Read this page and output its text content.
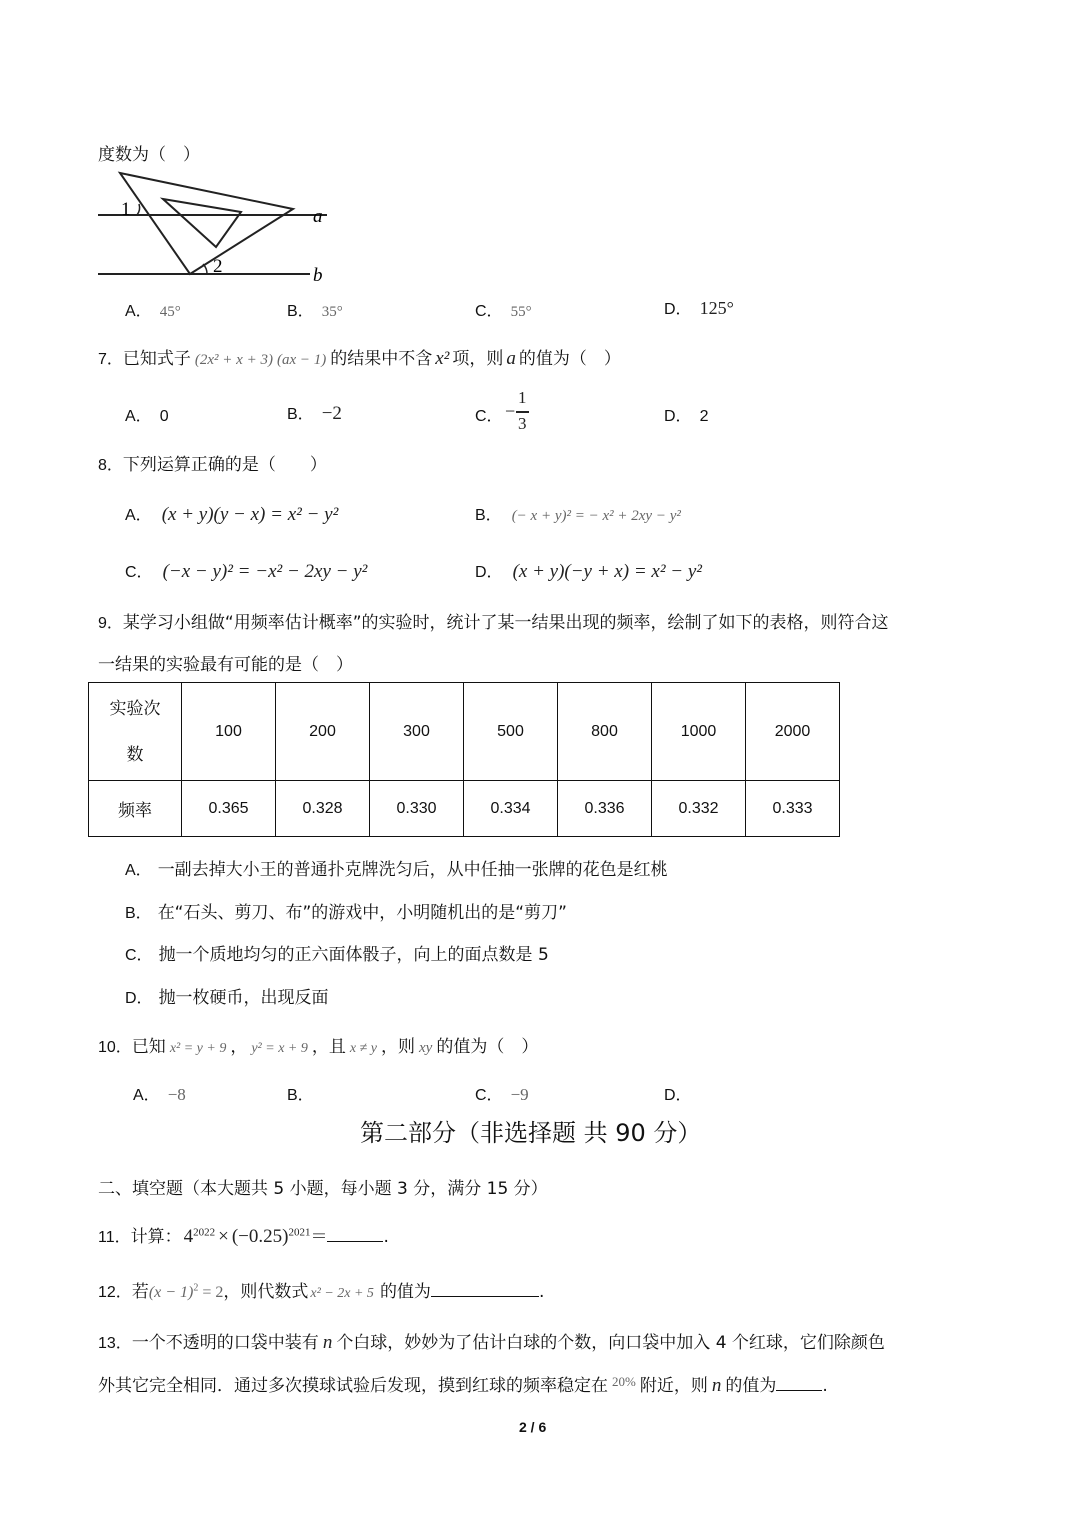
度数为（　）
1
2
a
b
A． 45°	B． 35°	C． 55°	D． 125°
7．已知式子 (2x² + x + 3) (ax − 1) 的结果中不含 x² 项，则 a 的值为（　）
A． 0	B． −2	C． −
1
3	D． 2
8．下列运算正确的是（　　）
A． (x + y)(y − x) = x² − y²	B． (− x + y)² = − x² + 2xy − y²
C． (−x − y)² = −x² − 2xy − y²	D． (x + y)(−y + x) = x² − y²
9．某学习小组做“用频率估计概率”的实验时，统计了某一结果出现的频率，绘制了如下的表格，则符合这
一结果的实验最有可能的是（　）
实验次
数	100	200	300	500	800	1000	2000
频率	0.365	0.328	0.330	0.334	0.336	0.332	0.333
A． 一副去掉大小王的普通扑克牌洗匀后，从中任抽一张牌的花色是红桃
B． 在“石头、剪刀、布”的游戏中，小明随机出的是“剪刀”
C． 抛一个质地均匀的正六面体骰子，向上的面点数是 5
D． 抛一枚硬币，出现反面
10．已知 x² = y + 9 ， y² = x + 9 ，且 x ≠ y ，则 xy 的值为（　）
A． −8	B．	C． −9	D．
第二部分（非选择题 共 90 分）
二、填空题（本大题共 5 小题，每小题 3 分，满分 15 分）
11．计算： $4^{2022} \times (-0.25)^{2021}=$	.
12．若$(x - 1)^2 = 2$，则代数式 x² − 2x + 5 的值为	.
13．一个不透明的口袋中装有 n 个白球，妙妙为了估计白球的个数，向口袋中加入 4 个红球，它们除颜色
外其它完全相同．通过多次摸球试验后发现，摸到红球的频率稳定在 $^{20\%}$ 附近，则 n 的值为	.
2 / 6
